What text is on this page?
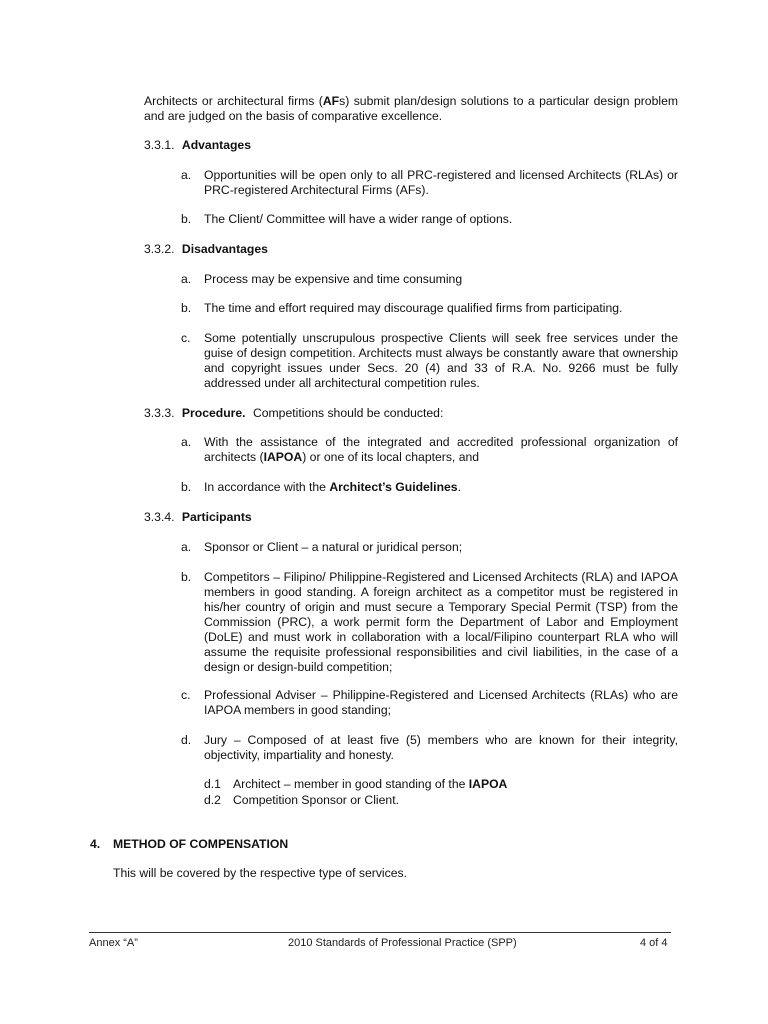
Architects or architectural firms (AFs) submit plan/design solutions to a particular design problem and are judged on the basis of comparative excellence.
3.3.1. Advantages
a. Opportunities will be open only to all PRC-registered and licensed Architects (RLAs) or PRC-registered Architectural Firms (AFs).
b. The Client/ Committee will have a wider range of options.
3.3.2. Disadvantages
a. Process may be expensive and time consuming
b. The time and effort required may discourage qualified firms from participating.
c. Some potentially unscrupulous prospective Clients will seek free services under the guise of design competition. Architects must always be constantly aware that ownership and copyright issues under Secs. 20 (4) and 33 of R.A. No. 9266 must be fully addressed under all architectural competition rules.
3.3.3. Procedure. Competitions should be conducted:
a. With the assistance of the integrated and accredited professional organization of architects (IAPOA) or one of its local chapters, and
b. In accordance with the Architect’s Guidelines.
3.3.4. Participants
a. Sponsor or Client – a natural or juridical person;
b. Competitors – Filipino/ Philippine-Registered and Licensed Architects (RLA) and IAPOA members in good standing. A foreign architect as a competitor must be registered in his/her country of origin and must secure a Temporary Special Permit (TSP) from the Commission (PRC), a work permit form the Department of Labor and Employment (DoLE) and must work in collaboration with a local/Filipino counterpart RLA who will assume the requisite professional responsibilities and civil liabilities, in the case of a design or design-build competition;
c. Professional Adviser – Philippine-Registered and Licensed Architects (RLAs) who are IAPOA members in good standing;
d. Jury – Composed of at least five (5) members who are known for their integrity, objectivity, impartiality and honesty.
d.1 Architect – member in good standing of the IAPOA
d.2 Competition Sponsor or Client.
4. METHOD OF COMPENSATION
This will be covered by the respective type of services.
Annex “A”	2010 Standards of Professional Practice (SPP)	4 of 4
